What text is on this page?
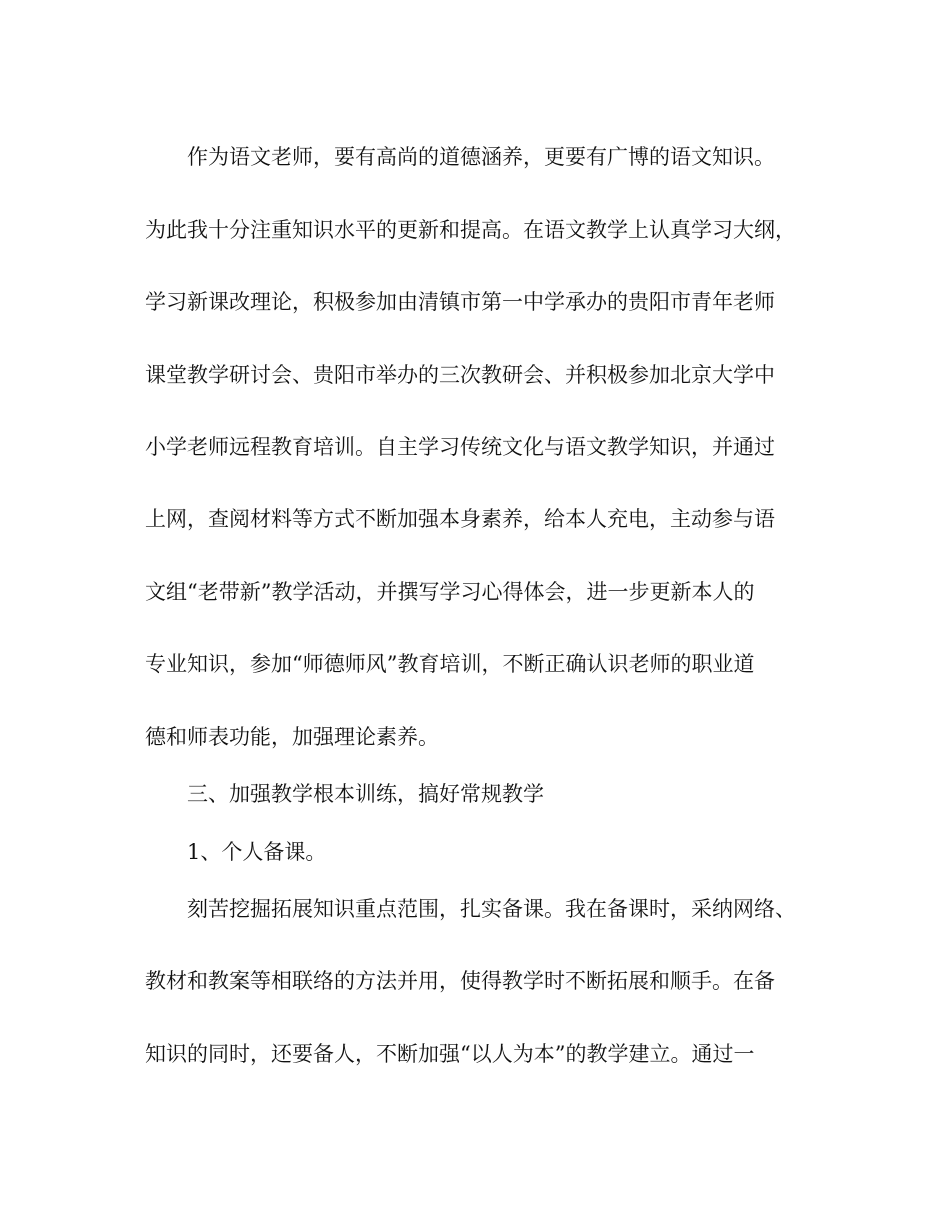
作为语文老师，要有高尚的道德涵养，更要有广博的语文知识。

为此我十分注重知识水平的更新和提高。在语文教学上认真学习大纲，

学习新课改理论，积极参加由清镇市第一中学承办的贵阳市青年老师

课堂教学研讨会、贵阳市举办的三次教研会、并积极参加北京大学中

小学老师远程教育培训。自主学习传统文化与语文教学知识，并通过

上网，查阅材料等方式不断加强本身素养，给本人充电，主动参与语

文组“老带新”教学活动，并撰写学习心得体会，进一步更新本人的

专业知识，参加“师德师风”教育培训，不断正确认识老师的职业道

德和师表功能，加强理论素养。

三、加强教学根本训练，搞好常规教学

1、个人备课。

刻苦挖掘拓展知识重点范围，扎实备课。我在备课时，采纳网络、

教材和教案等相联络的方法并用，使得教学时不断拓展和顺手。在备

知识的同时，还要备人，不断加强“以人为本”的教学建立。通过一
